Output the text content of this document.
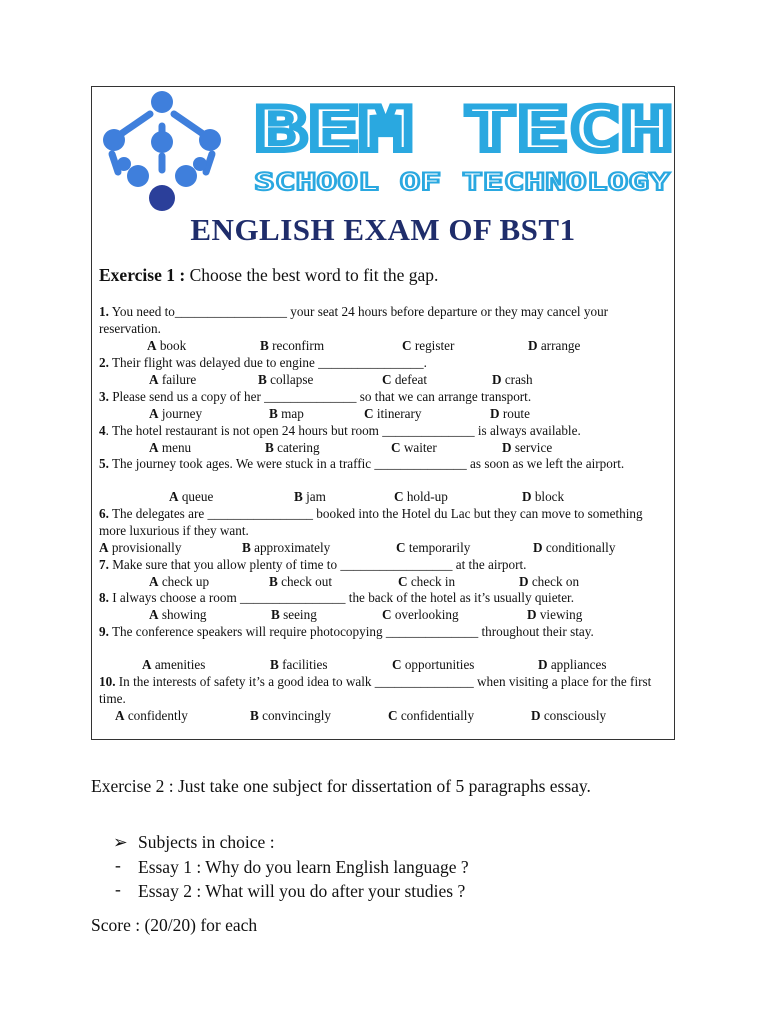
BEM TECH
SCHOOL OF TECHNOLOGY
ENGLISH EXAM OF BST1
Exercise 1 : Choose the best word to fit the gap.
1. You need to_________________ your seat 24 hours before departure or they may cancel your reservation.
A book	B reconfirm	C register	D arrange
2. Their flight was delayed due to engine ________________.
A failure	B collapse	C defeat	D crash
3. Please send us a copy of her ______________ so that we can arrange transport.
A journey	B map	C itinerary	D route
4. The hotel restaurant is not open 24 hours but room ______________ is always available.
A menu	B catering	C waiter	D service
5. The journey took ages. We were stuck in a traffic ______________ as soon as we left the airport.
A queue	B jam	C hold-up	D block
6. The delegates are ________________ booked into the Hotel du Lac but they can move to something more luxurious if they want.
A provisionally	B approximately	C temporarily	D conditionally
7. Make sure that you allow plenty of time to _________________ at the airport.
A check up	B check out	C check in	D check on
8. I always choose a room ________________ the back of the hotel as it’s usually quieter.
A showing	B seeing	C overlooking	D viewing
9. The conference speakers will require photocopying ______________ throughout their stay.
A amenities	B facilities	C opportunities	D appliances
10. In the interests of safety it’s a good idea to walk _______________ when visiting a place for the first time.
A confidently	B convincingly	C confidentially	D consciously
Exercise 2 : Just take one subject for dissertation of 5 paragraphs essay.
➢ Subjects in choice :
- Essay 1 : Why do you learn English language ?
- Essay 2 : What will you do after your studies ?
Score : (20/20) for each
